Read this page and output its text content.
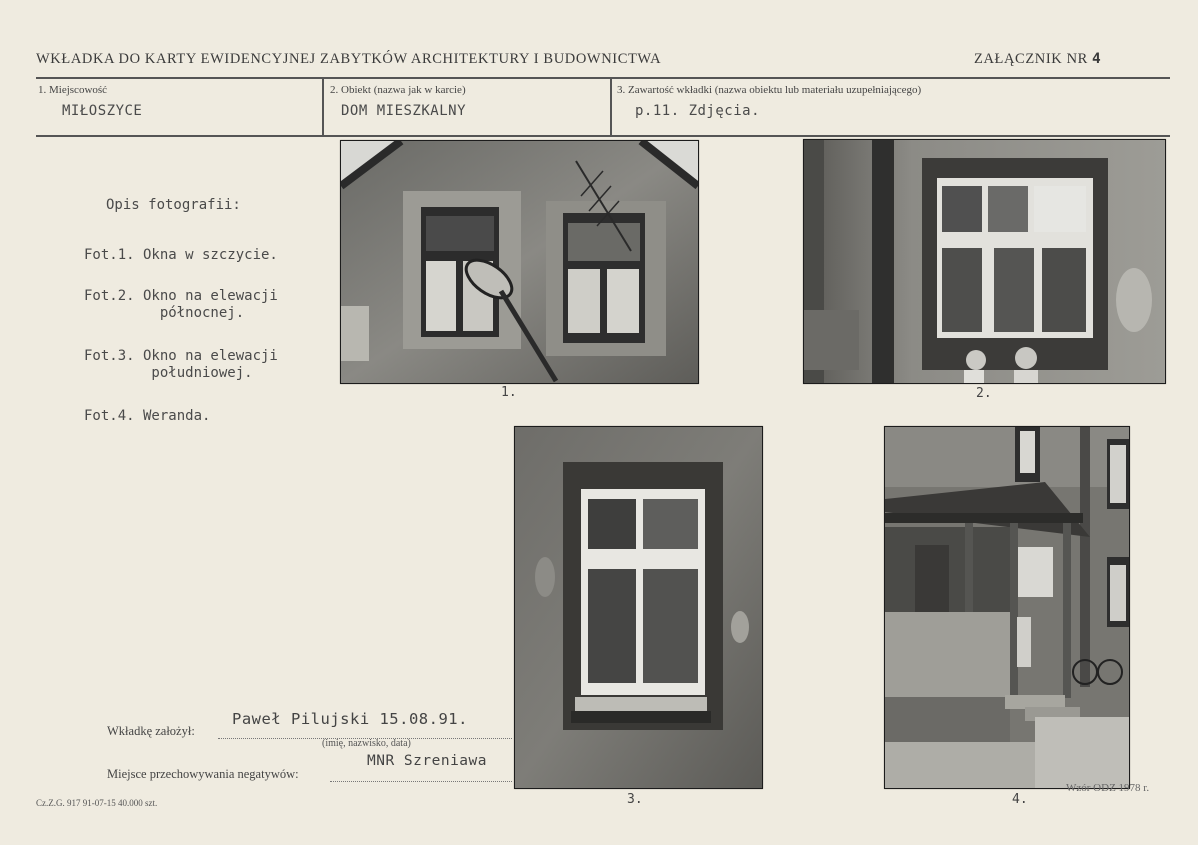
WKŁADKA DO KARTY EWIDENCYJNEJ ZABYTKÓW ARCHITEKTURY I BUDOWNICTWA	ZAŁĄCZNIK NR 4
1. Miejscowość
MIŁOSZYCE
2. Obiekt (nazwa jak w karcie)
DOM MIESZKALNY
3. Zawartość wkładki (nazwa obiektu lub materiału uzupełniającego)
p.11. Zdjęcia.
Opis fotografii:
Fot.1. Okna w szczycie.
Fot.2. Okno na elewacji
północnej.
Fot.3. Okno na elewacji
południowej.
Fot.4. Weranda.
1.	2.
3.	4.
Wkładkę założył:
Paweł Pilujski 15.08.91.
(imię, nazwisko, data)
Miejsce przechowywania negatywów:
MNR Szreniawa
Cz.Z.G. 917 91-07-15 40.000 szt.
Wzór ODZ 1978 r.
